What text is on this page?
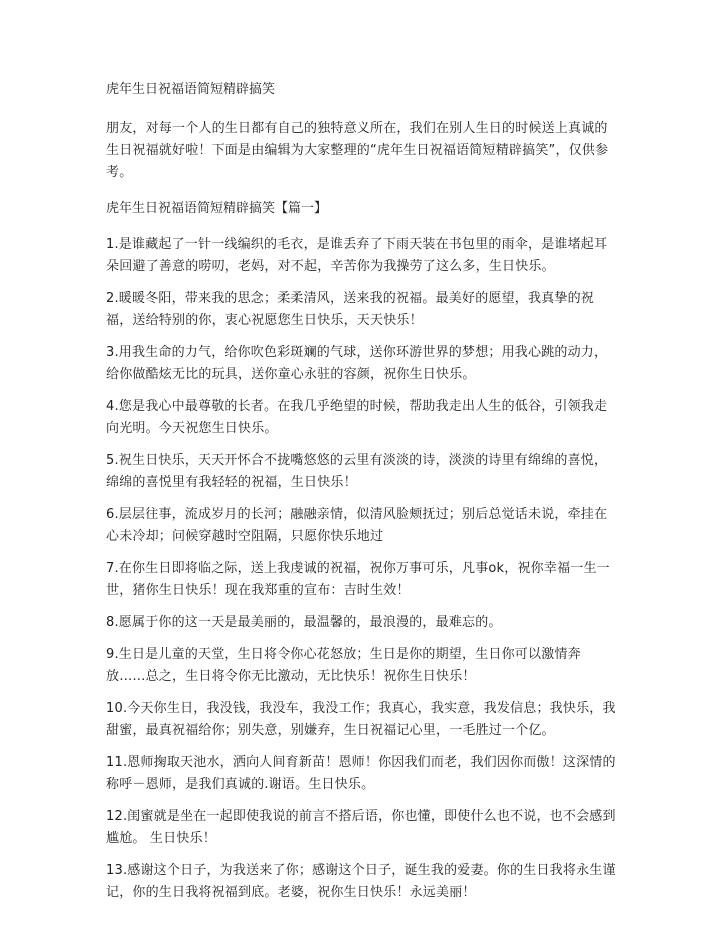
虎年生日祝福语简短精辟搞笑
朋友，对每一个人的生日都有自己的独特意义所在，我们在别人生日的时候送上真诚的生日祝福就好啦！下面是由编辑为大家整理的“虎年生日祝福语简短精辟搞笑”，仅供参考。
虎年生日祝福语简短精辟搞笑【篇一】
1.是谁藏起了一针一线编织的毛衣，是谁丢弃了下雨天装在书包里的雨伞，是谁堵起耳朵回避了善意的唠叨，老妈，对不起，辛苦你为我操劳了这么多，生日快乐。
2.暖暖冬阳，带来我的思念；柔柔清风，送来我的祝福。最美好的愿望，我真挚的祝福，送给特别的你，衷心祝愿您生日快乐，天天快乐！
3.用我生命的力气，给你吹色彩斑斓的气球，送你环游世界的梦想；用我心跳的动力，给你做酷炫无比的玩具，送你童心永驻的容颜，祝你生日快乐。
4.您是我心中最尊敬的长者。在我几乎绝望的时候，帮助我走出人生的低谷，引领我走向光明。今天祝您生日快乐。
5.祝生日快乐，天天开怀合不拢嘴悠悠的云里有淡淡的诗，淡淡的诗里有绵绵的喜悦，绵绵的喜悦里有我轻轻的祝福，生日快乐！
6.层层往事，流成岁月的长河；融融亲情，似清风脸颊抚过；别后总觉话未说，牵挂在心未冷却；问候穿越时空阻隔，只愿你快乐地过
7.在你生日即将临之际，送上我虔诚的祝福，祝你万事可乐，凡事ok，祝你幸福一生一世，猪你生日快乐！现在我郑重的宣布：吉时生效！
8.愿属于你的这一天是最美丽的，最温馨的，最浪漫的，最难忘的。
9.生日是儿童的天堂，生日将令你心花怒放；生日是你的期望，生日你可以激情奔放……总之，生日将令你无比激动，无比快乐！祝你生日快乐！
10.今天你生日，我没钱，我没车，我没工作；我真心，我实意，我发信息；我快乐，我甜蜜，最真祝福给你；别失意，别嫌弃，生日祝福记心里，一毛胜过一个亿。
11.恩师掬取天池水，洒向人间育新苗！恩师！你因我们而老，我们因你而傲！这深情的称呼－恩师，是我们真诚的.谢语。生日快乐。
12.闺蜜就是坐在一起即使我说的前言不搭后语，你也懂，即使什么也不说，也不会感到尴尬。 生日快乐！
13.感谢这个日子，为我送来了你；感谢这个日子，诞生我的爱妻。你的生日我将永生谨记，你的生日我将祝福到底。老婆，祝你生日快乐！永远美丽！
